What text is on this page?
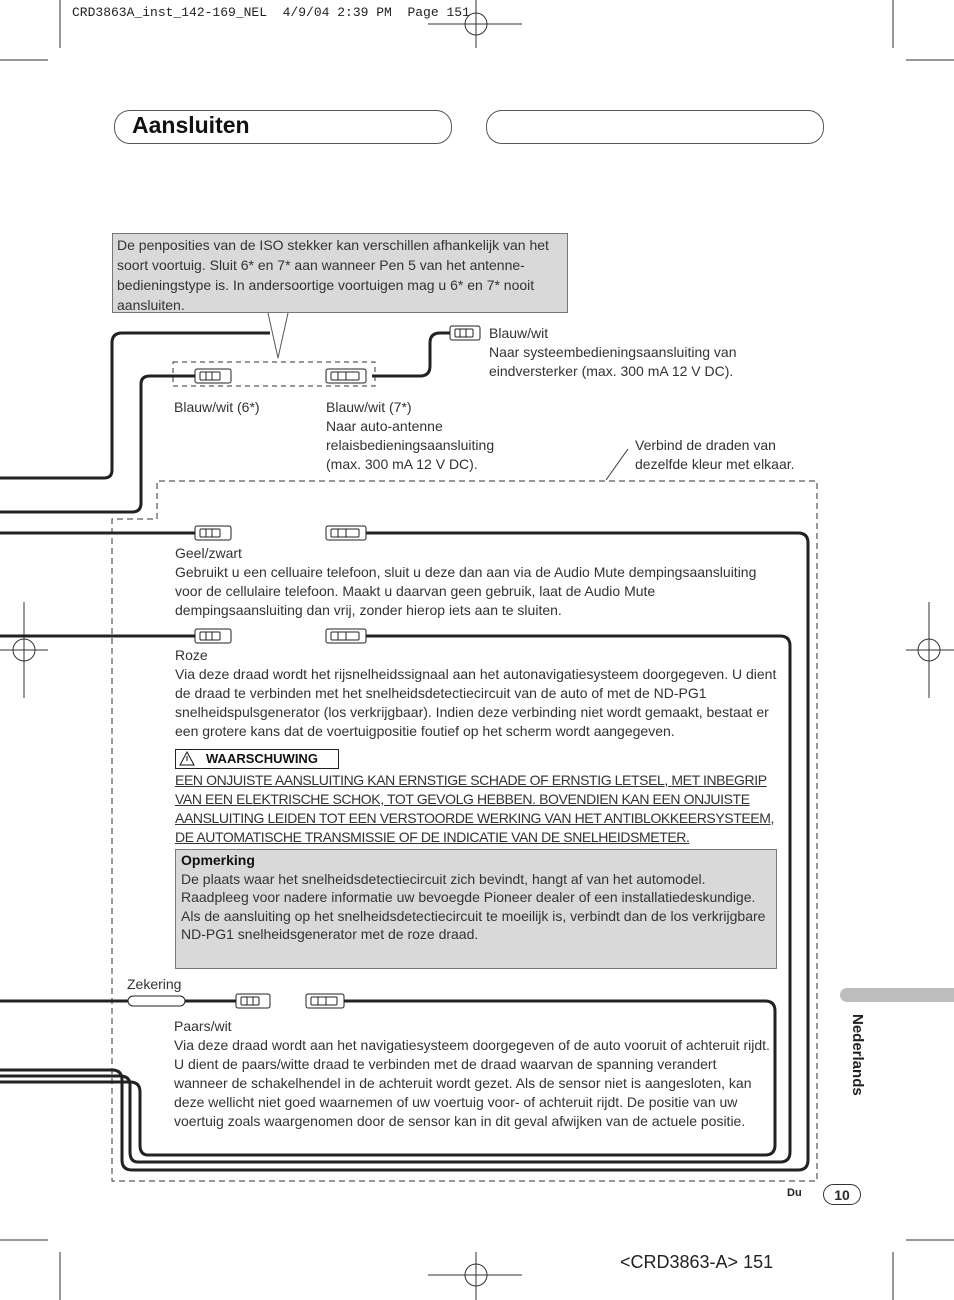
CRD3863A_inst_142-169_NEL  4/9/04 2:39 PM  Page 151
Aansluiten
De penposities van de ISO stekker kan verschillen afhankelijk van het soort voortuig. Sluit 6* en 7* aan wanneer Pen 5 van het antenne-bedieningstype is. In andersoortige voortuigen mag u 6* en 7* nooit aansluiten.
Blauw/wit
Naar systeembedieningsaansluiting van eindversterker (max. 300 mA 12 V DC).
Blauw/wit (6*)	Blauw/wit (7*)
Naar auto-antenne relaisbedieningsaansluiting (max. 300 mA 12 V DC).
Verbind de draden van dezelfde kleur met elkaar.
Geel/zwart
Gebruikt u een celluaire telefoon, sluit u deze dan aan via de Audio Mute dempingsaansluiting voor de cellulaire telefoon. Maakt u daarvan geen gebruik, laat de Audio Mute dempingsaansluiting dan vrij, zonder hierop iets aan te sluiten.
Roze
Via deze draad wordt het rijsnelheidssignaal aan het autonavigatiesysteem doorgegeven. U dient de draad te verbinden met het snelheidsdetectiecircuit van de auto of met de ND-PG1 snelheidspulsgenerator (los verkrijgbaar). Indien deze verbinding niet wordt gemaakt, bestaat er een grotere kans dat de voertuigpositie foutief op het scherm wordt aangegeven.
WAARSCHUWING
EEN ONJUISTE AANSLUITING KAN ERNSTIGE SCHADE OF ERNSTIG LETSEL, MET INBEGRIP VAN EEN ELEKTRISCHE SCHOK, TOT GEVOLG HEBBEN. BOVENDIEN KAN EEN ONJUISTE AANSLUITING LEIDEN TOT EEN VERSTOORDE WERKING VAN HET ANTIBLOKKEERSYSTEEM, DE AUTOMATISCHE TRANSMISSIE OF DE INDICATIE VAN DE SNELHEIDSMETER.
Opmerking
De plaats waar het snelheidsdetectiecircuit zich bevindt, hangt af van het automodel. Raadpleeg voor nadere informatie uw bevoegde Pioneer dealer of een installatiedeskundige.
Als de aansluiting op het snelheidsdetectiecircuit te moeilijk is, verbindt dan de los verkrijgbare ND-PG1 snelheidsgenerator met de roze draad.
Zekering
Paars/wit
Via deze draad wordt aan het navigatiesysteem doorgegeven of de auto vooruit of achteruit rijdt. U dient de paars/witte draad te verbinden met de draad waarvan de spanning verandert wanneer de schakelhendel in de achteruit wordt gezet. Als de sensor niet is aangesloten, kan deze wellicht niet goed waarnemen of uw voertuig voor- of achteruit rijdt. De positie van uw voertuig zoals waargenomen door de sensor kan in dit geval afwijken van de actuele positie.
Nederlands
Du	10
<CRD3863-A> 151
